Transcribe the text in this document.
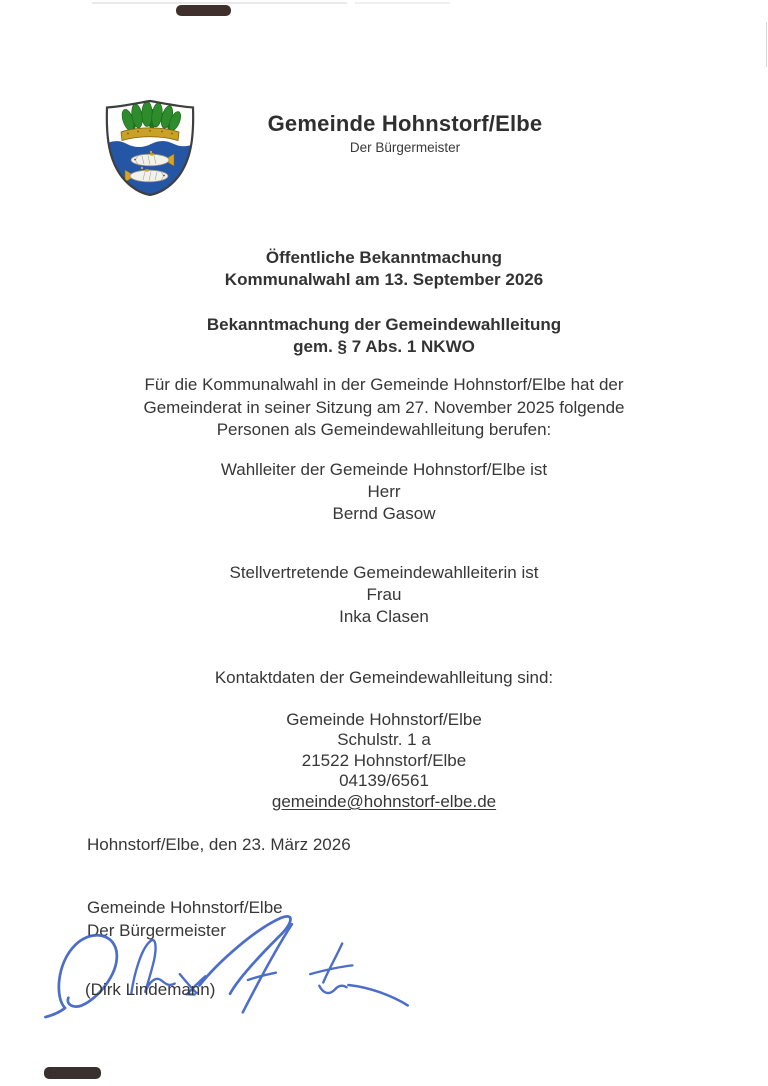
Gemeinde Hohnstorf/Elbe
Der Bürgermeister
Öffentliche Bekanntmachung
Kommunalwahl am 13. September 2026
Bekanntmachung der Gemeindewahlleitung
gem. § 7 Abs. 1 NKWO
Für die Kommunalwahl in der Gemeinde Hohnstorf/Elbe hat der Gemeinderat in seiner Sitzung am 27. November 2025 folgende Personen als Gemeindewahlleitung berufen:
Wahlleiter der Gemeinde Hohnstorf/Elbe ist
Herr
Bernd Gasow
Stellvertretende Gemeindewahlleiterin ist
Frau
Inka Clasen
Kontaktdaten der Gemeindewahlleitung sind:
Gemeinde Hohnstorf/Elbe
Schulstr. 1 a
21522 Hohnstorf/Elbe
04139/6561
gemeinde@hohnstorf-elbe.de
Hohnstorf/Elbe, den 23. März 2026
Gemeinde Hohnstorf/Elbe
Der Bürgermeister
(Dirk Lindemann)
